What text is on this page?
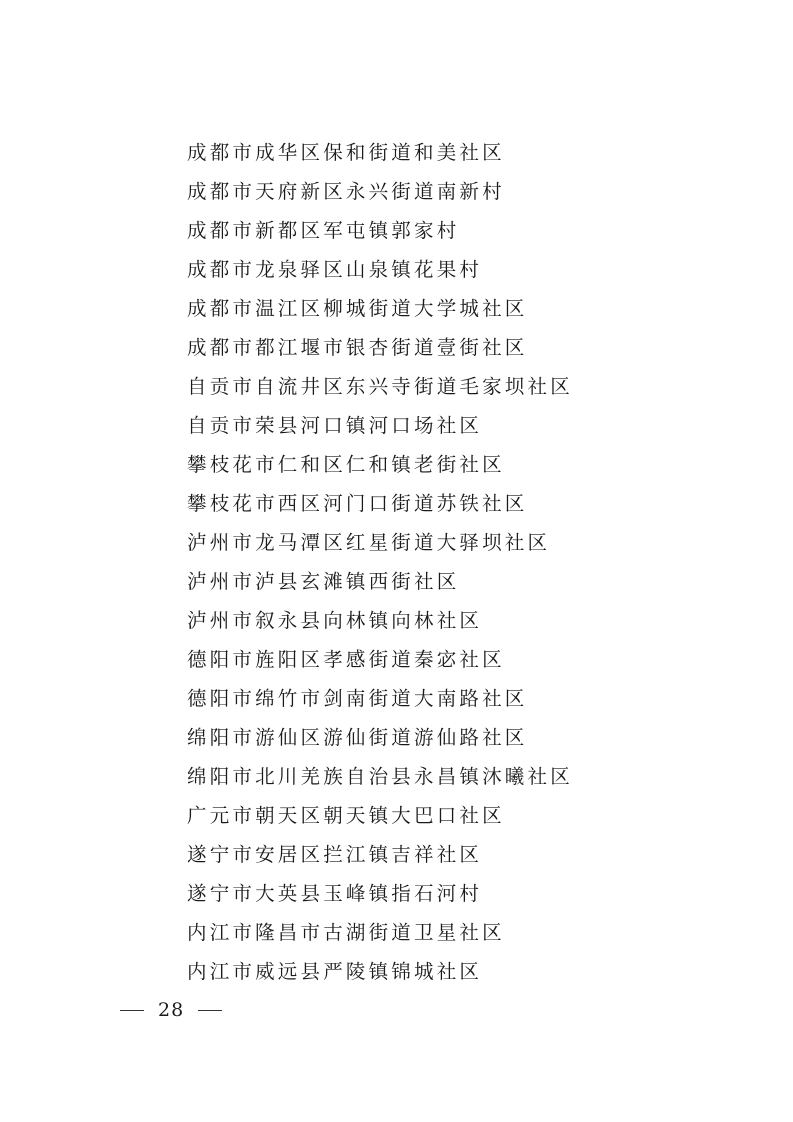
成都市成华区保和街道和美社区
成都市天府新区永兴街道南新村
成都市新都区军屯镇郭家村
成都市龙泉驿区山泉镇花果村
成都市温江区柳城街道大学城社区
成都市都江堰市银杏街道壹街社区
自贡市自流井区东兴寺街道毛家坝社区
自贡市荣县河口镇河口场社区
攀枝花市仁和区仁和镇老街社区
攀枝花市西区河门口街道苏铁社区
泸州市龙马潭区红星街道大驿坝社区
泸州市泸县玄滩镇西街社区
泸州市叙永县向林镇向林社区
德阳市旌阳区孝感街道秦宓社区
德阳市绵竹市剑南街道大南路社区
绵阳市游仙区游仙街道游仙路社区
绵阳市北川羌族自治县永昌镇沐曦社区
广元市朝天区朝天镇大巴口社区
遂宁市安居区拦江镇吉祥社区
遂宁市大英县玉峰镇指石河村
内江市隆昌市古湖街道卫星社区
内江市威远县严陵镇锦城社区
28
